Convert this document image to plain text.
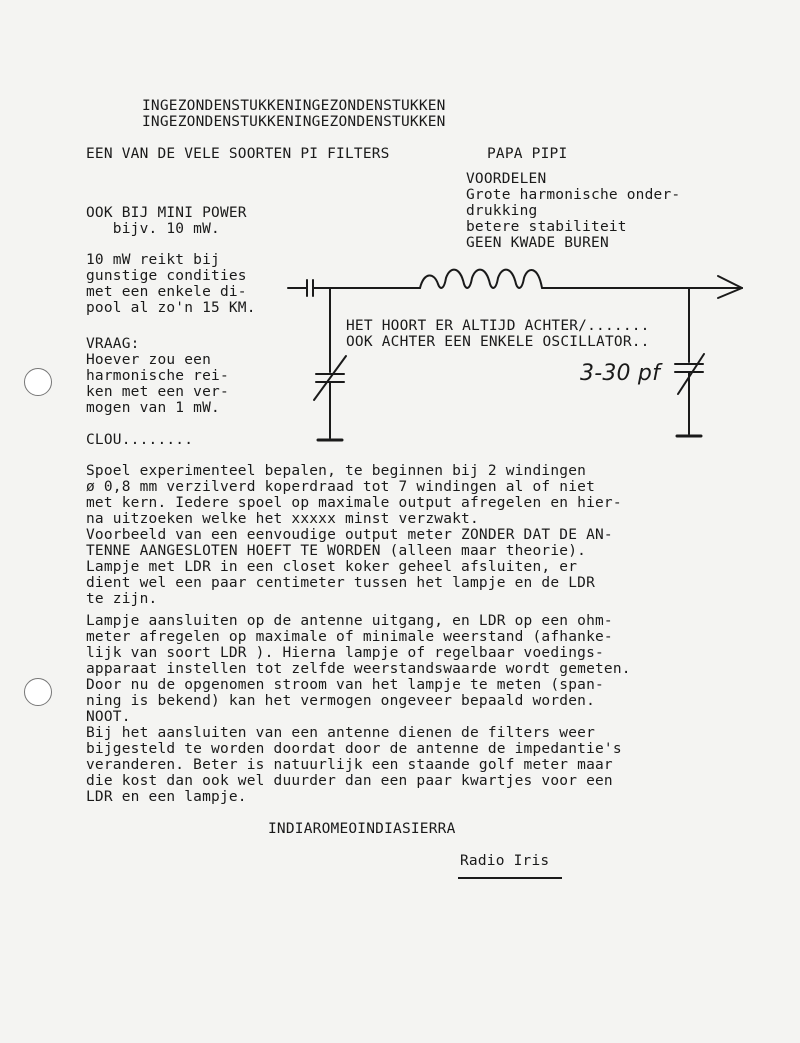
INGEZONDENSTUKKENINGEZONDENSTUKKEN
INGEZONDENSTUKKENINGEZONDENSTUKKEN
EEN VAN DE VELE SOORTEN PI FILTERS	PAPA PIPI
VOORDELEN
Grote harmonische onder-
drukking
betere stabiliteit
GEEN KWADE BUREN
OOK BIJ MINI POWER
bijv. 10 mW.
10 mW reikt bij
gunstige condities
met een enkele di-
pool al zo'n 15 KM.
VRAAG:
Hoever zou een
harmonische rei-
ken met een ver-
mogen van 1 mW.
CLOU........
HET HOORT ER ALTIJD ACHTER/.......
OOK ACHTER EEN ENKELE OSCILLATOR..
3-30 pf
Spoel experimenteel bepalen, te beginnen bij 2 windingen
ø 0,8 mm verzilverd koperdraad tot 7 windingen al of niet
met kern. Iedere spoel op maximale output afregelen en hier-
na uitzoeken welke het xxxxx minst verzwakt.
Voorbeeld van een eenvoudige output meter ZONDER DAT DE AN-
TENNE AANGESLOTEN HOEFT TE WORDEN (alleen maar theorie).
Lampje met LDR in een closet koker geheel afsluiten, er
dient wel een paar centimeter tussen het lampje en de LDR
te zijn.
Lampje aansluiten op de antenne uitgang, en LDR op een ohm-
meter afregelen op maximale of minimale weerstand (afhanke-
lijk van soort LDR ). Hierna lampje of regelbaar voedings-
apparaat instellen tot zelfde weerstandswaarde wordt gemeten.
Door nu de opgenomen stroom van het lampje te meten (span-
ning is bekend) kan het vermogen ongeveer bepaald worden.
NOOT.
Bij het aansluiten van een antenne dienen de filters weer
bijgesteld te worden doordat door de antenne de impedantie's
veranderen. Beter is natuurlijk een staande golf meter maar
die kost dan ook wel duurder dan een paar kwartjes voor een
LDR en een lampje.
INDIAROMEOINDIASIERRA
Radio Iris
